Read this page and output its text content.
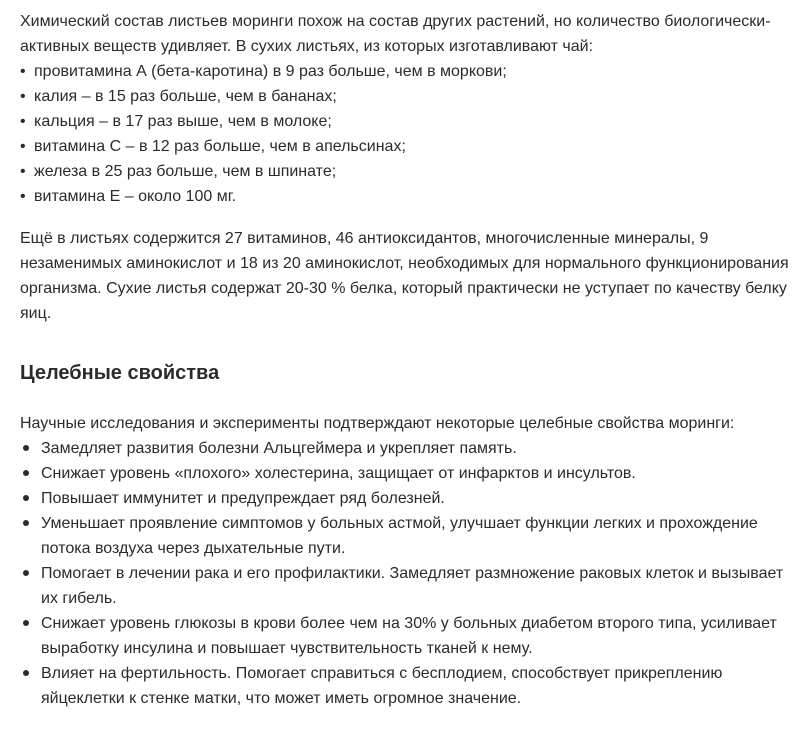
Химический состав листьев моринги похож на состав других растений, но количество биологически-активных веществ удивляет. В сухих листьях, из которых изготавливают чай:

• провитамина А (бета-каротина) в 9 раз больше, чем в моркови;
• калия – в 15 раз больше, чем в бананах;
• кальция – в 17 раз выше, чем в молоке;
• витамина С – в 12 раз больше, чем в апельсинах;
• железа в 25 раз больше, чем в шпинате;
• витамина Е – около 100 мг.

Ещё в листьях содержится 27 витаминов, 46 антиоксидантов, многочисленные минералы, 9 незаменимых аминокислот и 18 из 20 аминокислот, необходимых для нормального функционирования организма. Сухие листья содержат 20-30 % белка, который практически не уступает по качеству белку яиц.

Целебные свойства

Научные исследования и эксперименты подтверждают некоторые целебные свойства моринги:

Замедляет развития болезни Альцгеймера и укрепляет память.
Снижает уровень «плохого» холестерина, защищает от инфарктов и инсультов.
Повышает иммунитет и предупреждает ряд болезней.
Уменьшает проявление симптомов у больных астмой, улучшает функции легких и прохождение потока воздуха через дыхательные пути.
Помогает в лечении рака и его профилактики. Замедляет размножение раковых клеток и вызывает их гибель.
Снижает уровень глюкозы в крови более чем на 30% у больных диабетом второго типа, усиливает выработку инсулина и повышает чувствительность тканей к нему.
Влияет на фертильность. Помогает справиться с бесплодием, способствует прикреплению яйцеклетки к стенке матки, что может иметь огромное значение.
